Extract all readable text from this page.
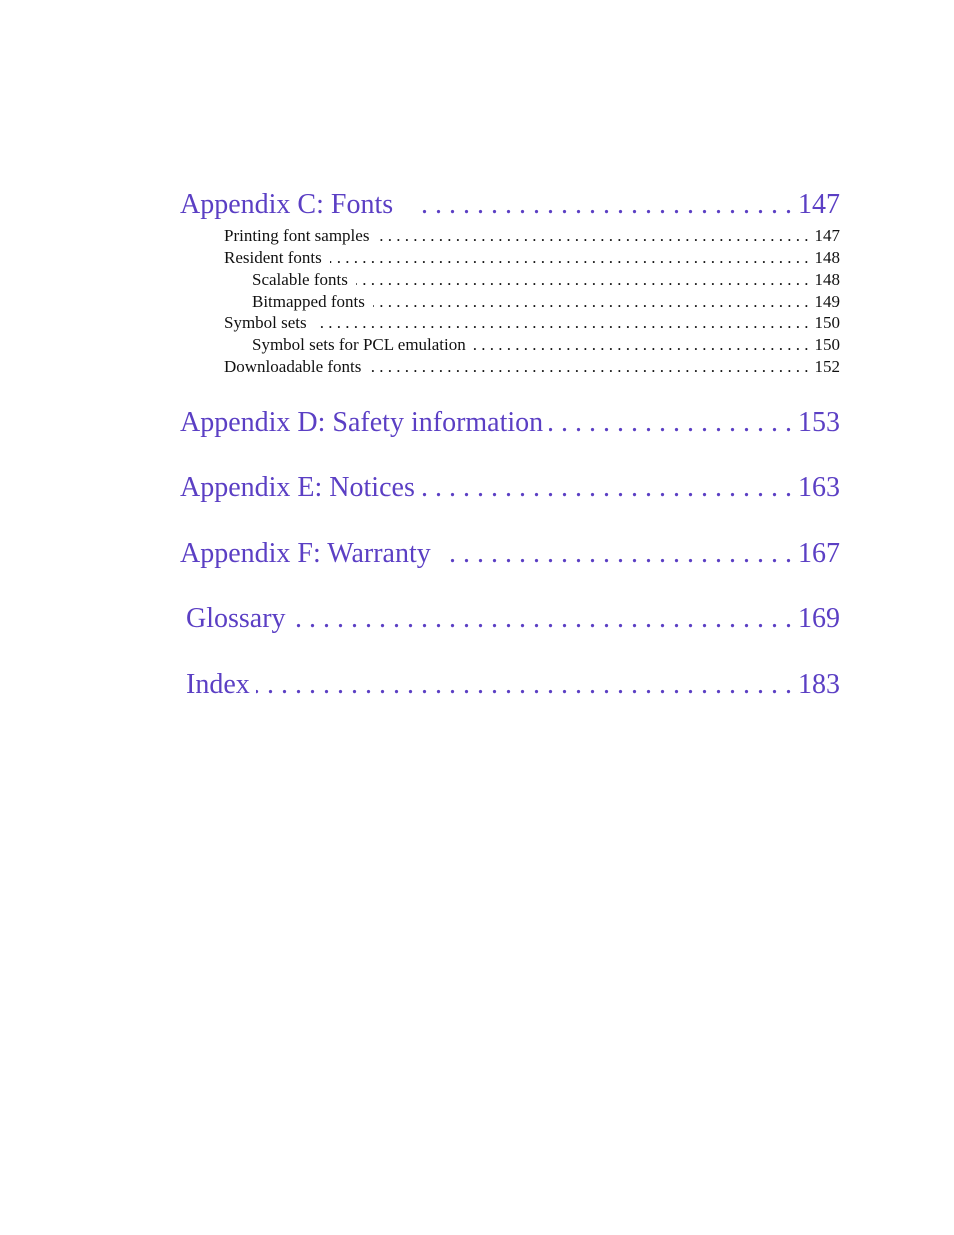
Appendix C: Fonts . . .	147
Printing font samples . . .	147
Resident fonts . . .	148
Scalable fonts . . .	148
Bitmapped fonts . . .	149
Symbol sets . . .	150
Symbol sets for PCL emulation . . .	150
Downloadable fonts . . .	152
Appendix D: Safety information . . .	153
Appendix E: Notices . . .	163
Appendix F: Warranty . . .	167
Glossary . . .	169
Index . . .	183
